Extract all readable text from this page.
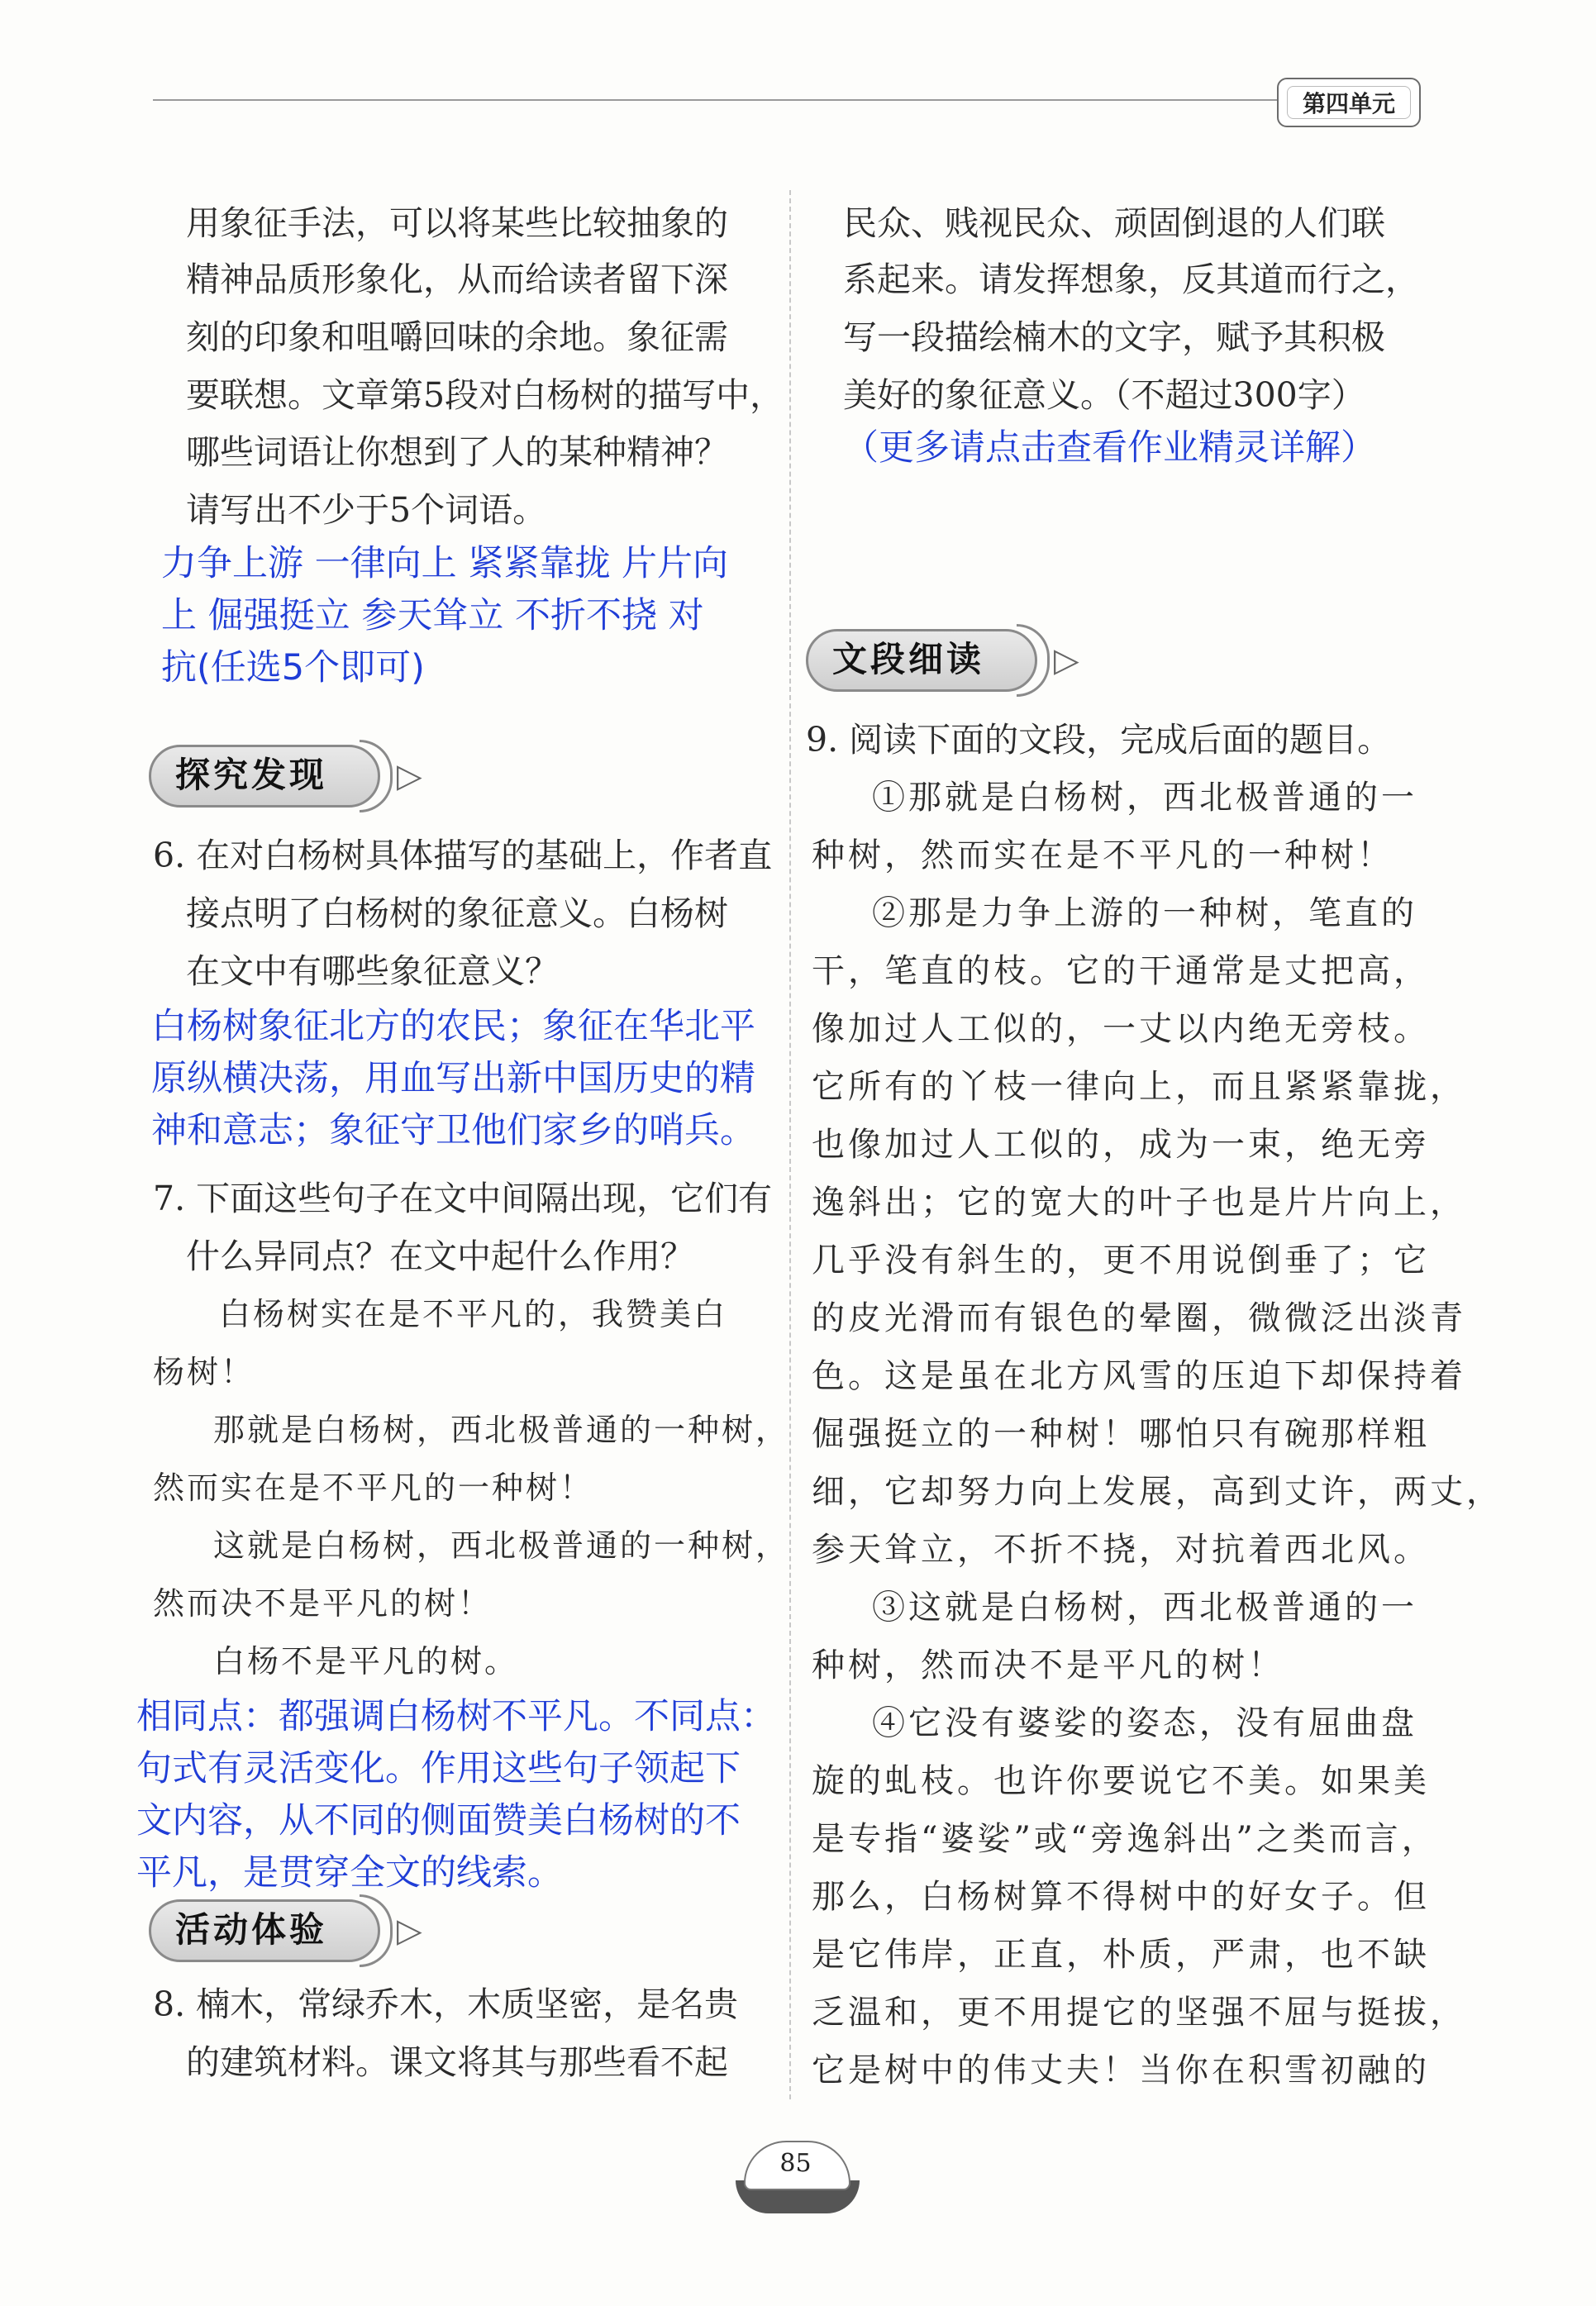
第四单元
用象征手法，可以将某些比较抽象的
精神品质形象化，从而给读者留下深
刻的印象和咀嚼回味的余地。象征需
要联想。文章第5段对白杨树的描写中，
哪些词语让你想到了人的某种精神？
请写出不少于5个词语。
力争上游 一律向上 紧紧靠拢 片片向
上 倔强挺立 参天耸立 不折不挠 对
抗(任选5个即可)
探究发现 ▷
6. 在对白杨树具体描写的基础上，作者直
接点明了白杨树的象征意义。白杨树
在文中有哪些象征意义？
白杨树象征北方的农民；象征在华北平
原纵横决荡，用血写出新中国历史的精
神和意志；象征守卫他们家乡的哨兵。
7. 下面这些句子在文中间隔出现，它们有
什么异同点？在文中起什么作用？
白杨树实在是不平凡的，我赞美白
杨树！
那就是白杨树，西北极普通的一种树，
然而实在是不平凡的一种树！
这就是白杨树，西北极普通的一种树，
然而决不是平凡的树！
白杨不是平凡的树。
相同点：都强调白杨树不平凡。不同点：
句式有灵活变化。作用这些句子领起下
文内容，从不同的侧面赞美白杨树的不
平凡，是贯穿全文的线索。
活动体验 ▷
8. 楠木，常绿乔木，木质坚密，是名贵
的建筑材料。课文将其与那些看不起
民众、贱视民众、顽固倒退的人们联
系起来。请发挥想象，反其道而行之，
写一段描绘楠木的文字，赋予其积极
美好的象征意义。（不超过300字）
（更多请点击查看作业精灵详解）
文段细读 ▷
9. 阅读下面的文段，完成后面的题目。
①那就是白杨树，西北极普通的一
种树，然而实在是不平凡的一种树！
②那是力争上游的一种树，笔直的
干，笔直的枝。它的干通常是丈把高，
像加过人工似的，一丈以内绝无旁枝。
它所有的丫枝一律向上，而且紧紧靠拢，
也像加过人工似的，成为一束，绝无旁
逸斜出；它的宽大的叶子也是片片向上，
几乎没有斜生的，更不用说倒垂了；它
的皮光滑而有银色的晕圈，微微泛出淡青
色。这是虽在北方风雪的压迫下却保持着
倔强挺立的一种树！哪怕只有碗那样粗
细，它却努力向上发展，高到丈许，两丈，
参天耸立，不折不挠，对抗着西北风。
③这就是白杨树，西北极普通的一
种树，然而决不是平凡的树！
④它没有婆娑的姿态，没有屈曲盘
旋的虬枝。也许你要说它不美。如果美
是专指“婆娑”或“旁逸斜出”之类而言，
那么，白杨树算不得树中的好女子。但
是它伟岸，正直，朴质，严肃，也不缺
乏温和，更不用提它的坚强不屈与挺拔，
它是树中的伟丈夫！当你在积雪初融的
85
